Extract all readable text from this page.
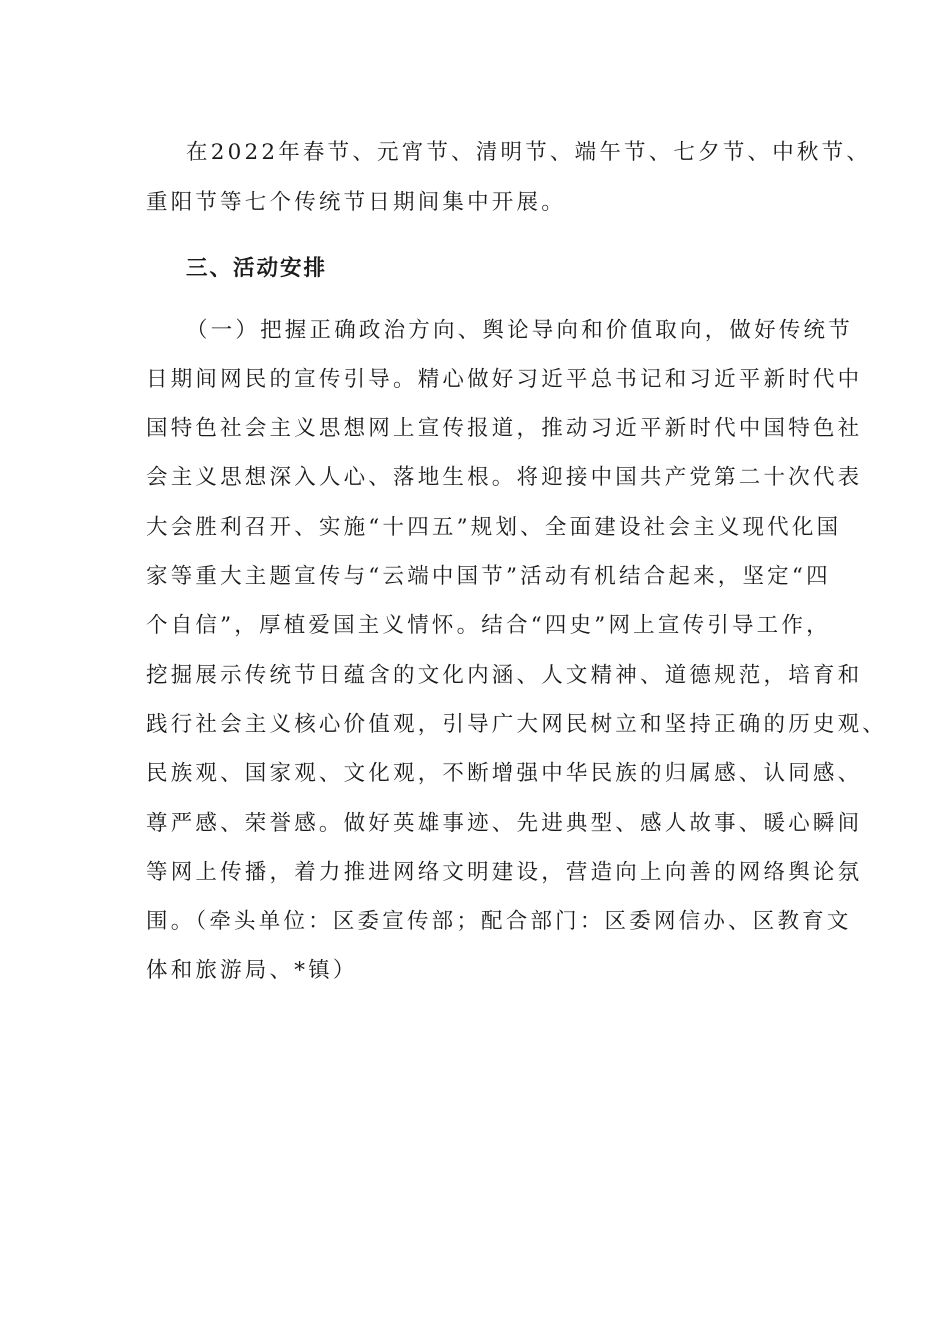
在2022年春节、元宵节、清明节、端午节、七夕节、中秋节、
重阳节等七个传统节日期间集中开展。
三、活动安排
（一）把握正确政治方向、舆论导向和价值取向，做好传统节
日期间网民的宣传引导。精心做好习近平总书记和习近平新时代中
国特色社会主义思想网上宣传报道，推动习近平新时代中国特色社
会主义思想深入人心、落地生根。将迎接中国共产党第二十次代表
大会胜利召开、实施“十四五”规划、全面建设社会主义现代化国
家等重大主题宣传与“云端中国节”活动有机结合起来，坚定“四
个自信”，厚植爱国主义情怀。结合“四史”网上宣传引导工作，
挖掘展示传统节日蕴含的文化内涵、人文精神、道德规范，培育和
践行社会主义核心价值观，引导广大网民树立和坚持正确的历史观、
民族观、国家观、文化观，不断增强中华民族的归属感、认同感、
尊严感、荣誉感。做好英雄事迹、先进典型、感人故事、暖心瞬间
等网上传播，着力推进网络文明建设，营造向上向善的网络舆论氛
围。（牵头单位：区委宣传部；配合部门：区委网信办、区教育文
体和旅游局、*镇）
